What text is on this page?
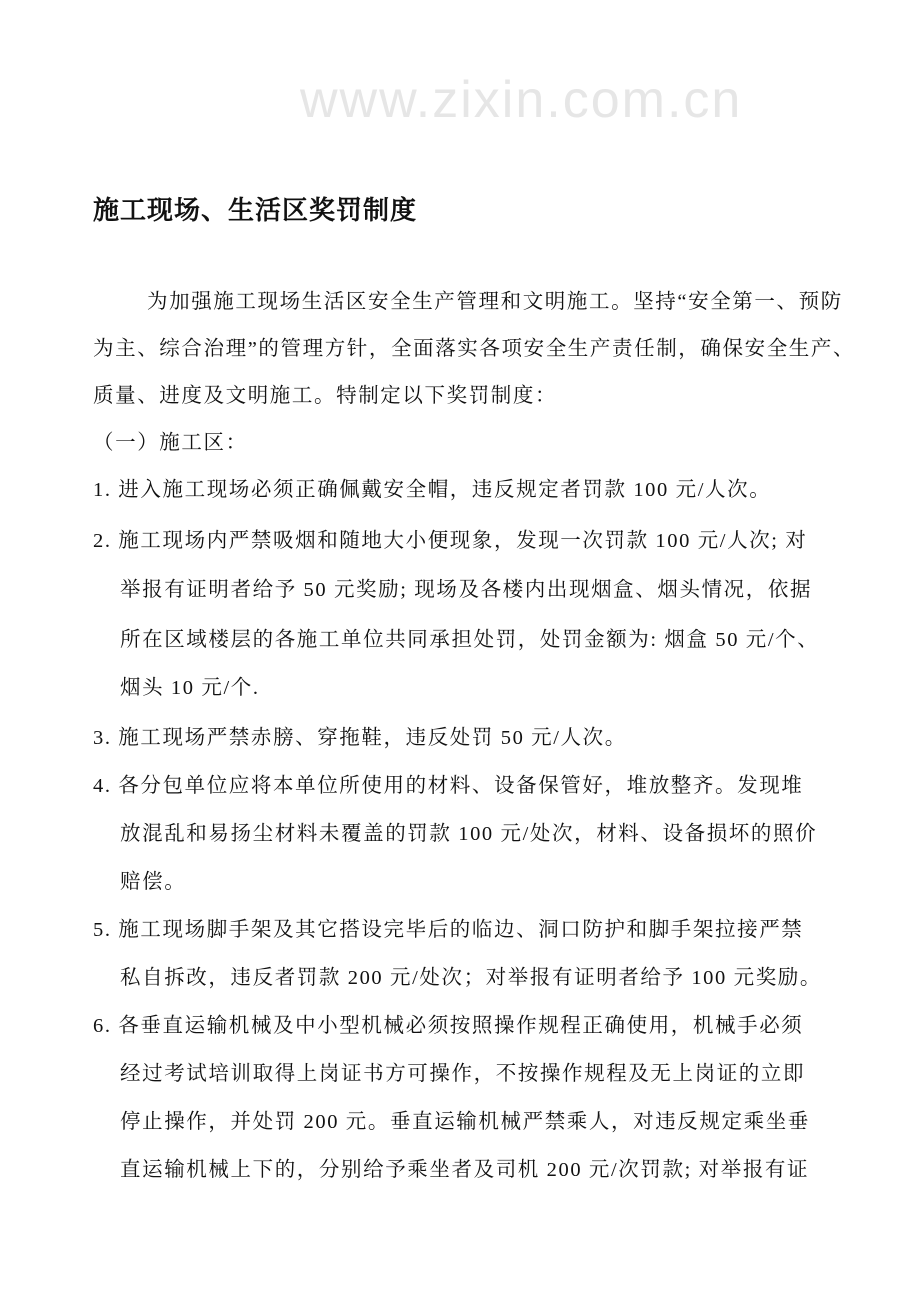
施工现场、生活区奖罚制度
www.zixin.com.cn
为加强施工现场生活区安全生产管理和文明施工。坚持“安全第一、预防
为主、综合治理”的管理方针，全面落实各项安全生产责任制，确保安全生产、
质量、进度及文明施工。特制定以下奖罚制度：
（一）施工区：
1. 进入施工现场必须正确佩戴安全帽，违反规定者罚款 100 元/人次。
2. 施工现场内严禁吸烟和随地大小便现象，发现一次罚款 100 元/人次; 对
举报有证明者给予 50 元奖励; 现场及各楼内出现烟盒、烟头情况，依据
所在区域楼层的各施工单位共同承担处罚，处罚金额为: 烟盒 50 元/个、
烟头 10 元/个.
3. 施工现场严禁赤膀、穿拖鞋，违反处罚 50 元/人次。
4. 各分包单位应将本单位所使用的材料、设备保管好，堆放整齐。发现堆
放混乱和易扬尘材料未覆盖的罚款 100 元/处次，材料、设备损坏的照价
赔偿。
5. 施工现场脚手架及其它搭设完毕后的临边、洞口防护和脚手架拉接严禁
私自拆改，违反者罚款 200 元/处次；对举报有证明者给予 100 元奖励。
6. 各垂直运输机械及中小型机械必须按照操作规程正确使用，机械手必须
经过考试培训取得上岗证书方可操作，不按操作规程及无上岗证的立即
停止操作，并处罚 200 元。垂直运输机械严禁乘人，对违反规定乘坐垂
直运输机械上下的，分别给予乘坐者及司机 200 元/次罚款; 对举报有证
